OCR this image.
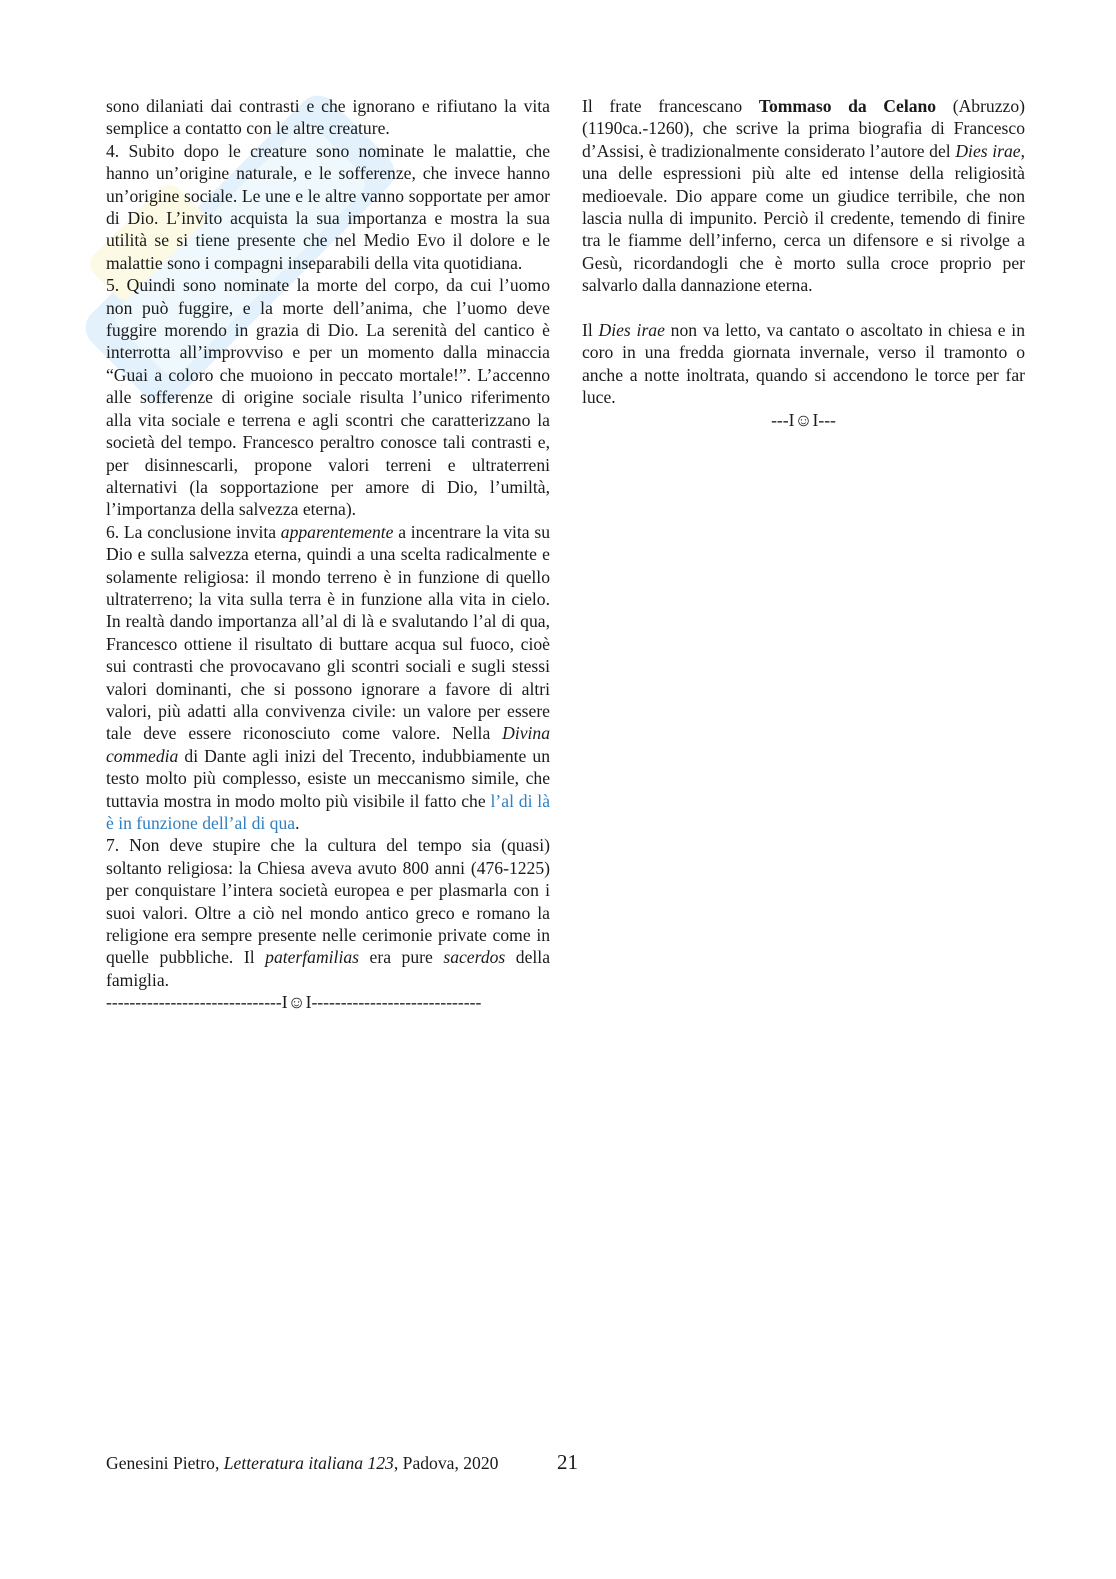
sono dilaniati dai contrasti e che ignorano e rifiutano la vita semplice a contatto con le altre creature.

4. Subito dopo le creature sono nominate le malattie, che hanno un’origine naturale, e le sofferenze, che invece hanno un’origine sociale. Le une e le altre vanno sopportate per amor di Dio. L’invito acquista la sua importanza e mostra la sua utilità se si tiene presente che nel Medio Evo il dolore e le malattie sono i compagni inseparabili della vita quotidiana.

5. Quindi sono nominate la morte del corpo, da cui l’uomo non può fuggire, e la morte dell’anima, che l’uomo deve fuggire morendo in grazia di Dio. La serenità del cantico è interrotta all’improvviso e per un momento dalla minaccia “Guai a coloro che muoiono in peccato mortale!”. L’accenno alle sofferenze di origine sociale risulta l’unico riferimento alla vita sociale e terrena e agli scontri che caratterizzano la società del tempo. Francesco peraltro conosce tali contrasti e, per disinnescarli, propone valori terreni e ultraterreni alternativi (la sopportazione per amore di Dio, l’umiltà, l’importanza della salvezza eterna).

6. La conclusione invita apparentemente a incentrare la vita su Dio e sulla salvezza eterna, quindi a una scelta radicalmente e solamente religiosa: il mondo terreno è in funzione di quello ultraterreno; la vita sulla terra è in funzione alla vita in cielo. In realtà dando importanza all’al di là e svalutando l’al di qua, Francesco ottiene il risultato di buttare acqua sul fuoco, cioè sui contrasti che provocavano gli scontri sociali e sugli stessi valori dominanti, che si possono ignorare a favore di altri valori, più adatti alla convivenza civile: un valore per essere tale deve essere riconosciuto come valore. Nella Divina commedia di Dante agli inizi del Trecento, indubbiamente un testo molto più complesso, esiste un meccanismo simile, che tuttavia mostra in modo molto più visibile il fatto che l’al di là è in funzione dell’al di qua.

7. Non deve stupire che la cultura del tempo sia (quasi) soltanto religiosa: la Chiesa aveva avuto 800 anni (476-1225) per conquistare l’intera società europea e per plasmarla con i suoi valori. Oltre a ciò nel mondo antico greco e romano la religione era sempre presente nelle cerimonie private come in quelle pubbliche. Il paterfamilias era pure sacerdos della famiglia.

------------------------------I☺I-----------------------------

Il frate francescano Tommaso da Celano (Abruzzo) (1190ca.-1260), che scrive la prima biografia di Francesco d’Assisi, è tradizionalmente considerato l’autore del Dies irae, una delle espressioni più alte ed intense della religiosità medioevale. Dio appare come un giudice terribile, che non lascia nulla di impunito. Perciò il credente, temendo di finire tra le fiamme dell’inferno, cerca un difensore e si rivolge a Gesù, ricordandogli che è morto sulla croce proprio per salvarlo dalla dannazione eterna.

Il Dies irae non va letto, va cantato o ascoltato in chiesa e in coro in una fredda giornata invernale, verso il tramonto o anche a notte inoltrata, quando si accendono le torce per far luce.

---I☺I---

Genesini Pietro, Letteratura italiana 123, Padova, 2020	21
